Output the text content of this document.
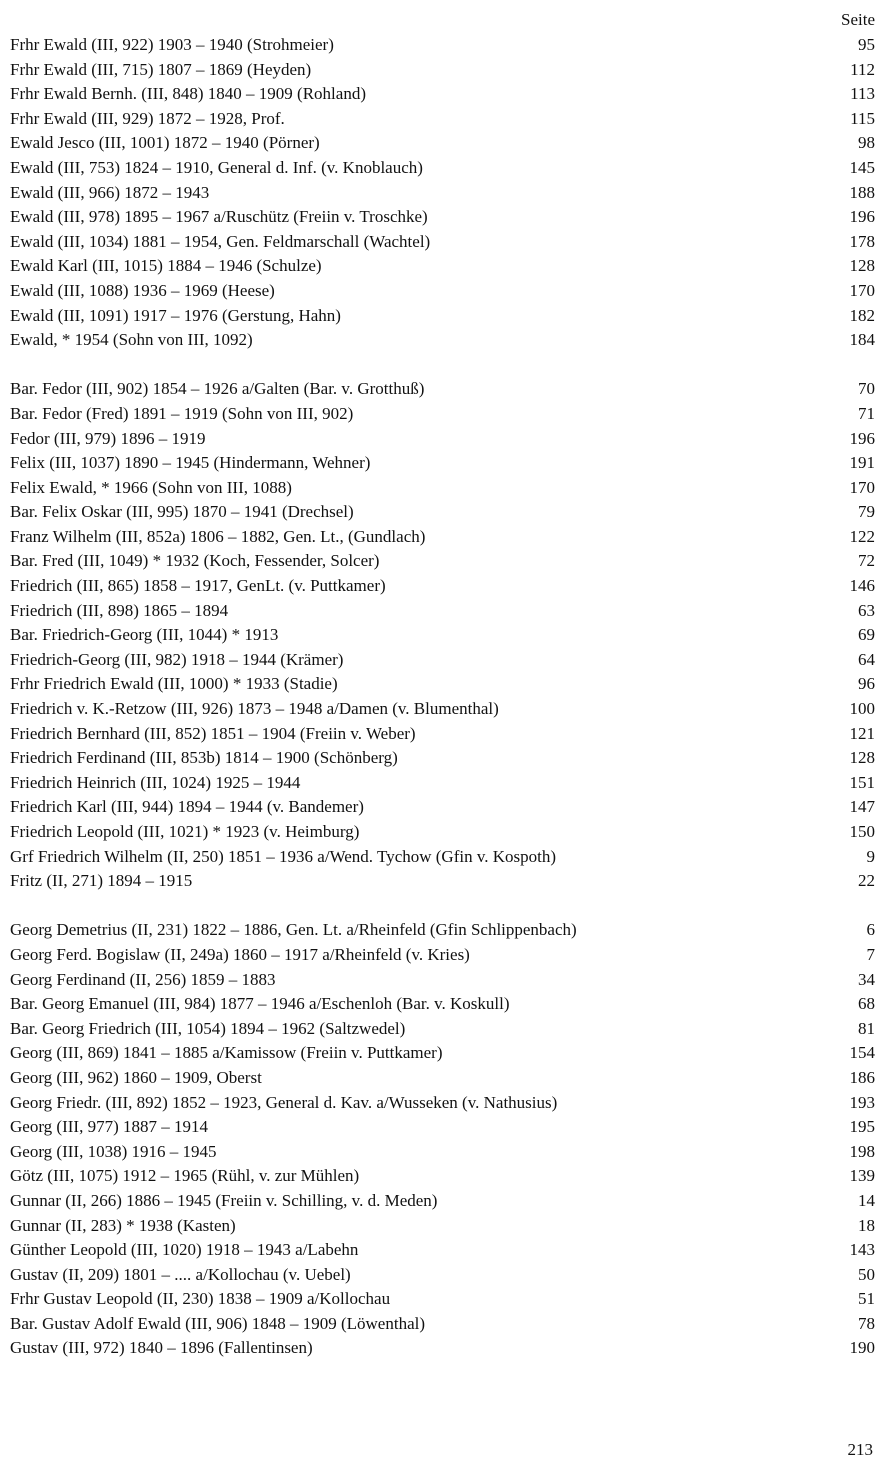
Seite
Frhr Ewald (III, 922) 1903 – 1940 (Strohmeier)	95
Frhr Ewald (III, 715) 1807 – 1869 (Heyden)	112
Frhr Ewald Bernh. (III, 848) 1840 – 1909 (Rohland)	113
Frhr Ewald (III, 929) 1872 – 1928, Prof.	115
Ewald Jesco (III, 1001) 1872 – 1940 (Pörner)	98
Ewald (III, 753) 1824 – 1910, General d. Inf. (v. Knoblauch)	145
Ewald (III, 966) 1872 – 1943	188
Ewald (III, 978) 1895 – 1967 a/Ruschütz (Freiin v. Troschke)	196
Ewald (III, 1034) 1881 – 1954, Gen. Feldmarschall (Wachtel)	178
Ewald Karl (III, 1015) 1884 – 1946 (Schulze)	128
Ewald (III, 1088) 1936 – 1969 (Heese)	170
Ewald (III, 1091) 1917 – 1976 (Gerstung, Hahn)	182
Ewald, * 1954 (Sohn von III, 1092)	184
Bar. Fedor (III, 902) 1854 – 1926 a/Galten (Bar. v. Grotthuß)	70
Bar. Fedor (Fred) 1891 – 1919 (Sohn von III, 902)	71
Fedor (III, 979) 1896 – 1919	196
Felix (III, 1037) 1890 – 1945 (Hindermann, Wehner)	191
Felix Ewald, * 1966 (Sohn von III, 1088)	170
Bar. Felix Oskar (III, 995) 1870 – 1941 (Drechsel)	79
Franz Wilhelm (III, 852a) 1806 – 1882, Gen. Lt., (Gundlach)	122
Bar. Fred (III, 1049) * 1932 (Koch, Fessender, Solcer)	72
Friedrich (III, 865) 1858 – 1917, GenLt. (v. Puttkamer)	146
Friedrich (III, 898) 1865 – 1894	63
Bar. Friedrich-Georg (III, 1044) * 1913	69
Friedrich-Georg (III, 982) 1918 – 1944 (Krämer)	64
Frhr Friedrich Ewald (III, 1000) * 1933 (Stadie)	96
Friedrich v. K.-Retzow (III, 926) 1873 – 1948 a/Damen (v. Blumenthal)	100
Friedrich Bernhard (III, 852) 1851 – 1904 (Freiin v. Weber)	121
Friedrich Ferdinand (III, 853b) 1814 – 1900 (Schönberg)	128
Friedrich Heinrich (III, 1024) 1925 – 1944	151
Friedrich Karl (III, 944) 1894 – 1944 (v. Bandemer)	147
Friedrich Leopold (III, 1021) * 1923 (v. Heimburg)	150
Grf Friedrich Wilhelm (II, 250) 1851 – 1936 a/Wend. Tychow (Gfin v. Kospoth)	9
Fritz (II, 271) 1894 – 1915	22
Georg Demetrius (II, 231) 1822 – 1886, Gen. Lt. a/Rheinfeld (Gfin Schlippenbach)	6
Georg Ferd. Bogislaw (II, 249a) 1860 – 1917 a/Rheinfeld (v. Kries)	7
Georg Ferdinand (II, 256) 1859 – 1883	34
Bar. Georg Emanuel (III, 984) 1877 – 1946 a/Eschenloh (Bar. v. Koskull)	68
Bar. Georg Friedrich (III, 1054) 1894 – 1962 (Saltzwedel)	81
Georg (III, 869) 1841 – 1885 a/Kamissow (Freiin v. Puttkamer)	154
Georg (III, 962) 1860 – 1909, Oberst	186
Georg Friedr. (III, 892) 1852 – 1923, General d. Kav. a/Wusseken (v. Nathusius)	193
Georg (III, 977) 1887 – 1914	195
Georg (III, 1038) 1916 – 1945	198
Götz (III, 1075) 1912 – 1965 (Rühl, v. zur Mühlen)	139
Gunnar (II, 266) 1886 – 1945 (Freiin v. Schilling, v. d. Meden)	14
Gunnar (II, 283) * 1938 (Kasten)	18
Günther Leopold (III, 1020) 1918 – 1943 a/Labehn	143
Gustav (II, 209) 1801 – .... a/Kollochau (v. Uebel)	50
Frhr Gustav Leopold (II, 230) 1838 – 1909 a/Kollochau	51
Bar. Gustav Adolf Ewald (III, 906) 1848 – 1909 (Löwenthal)	78
Gustav (III, 972) 1840 – 1896 (Fallentinsen)	190
213
